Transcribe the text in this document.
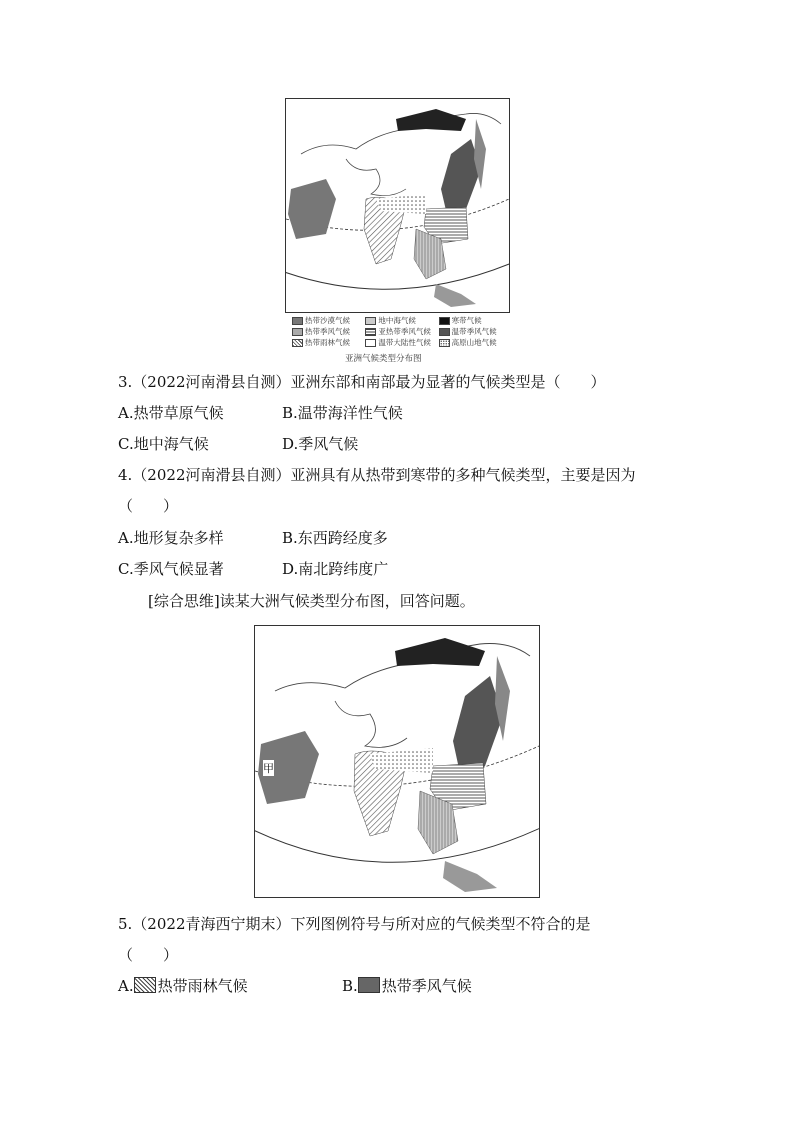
热带沙漠气候	地中海气候	寒带气候
热带季风气候	亚热带季风气候	温带季风气候
热带雨林气候	温带大陆性气候	高原山地气候
亚洲气候类型分布图
3.（2022河南滑县自测）亚洲东部和南部最为显著的气候类型是（　　）
A.热带草原气候	B.温带海洋性气候
C.地中海气候	D.季风气候
4.（2022河南滑县自测）亚洲具有从热带到寒带的多种气候类型，主要是因为
（　　）
A.地形复杂多样	B.东西跨经度多
C.季风气候显著	D.南北跨纬度广
[综合思维]读某大洲气候类型分布图，回答问题。
甲
5.（2022青海西宁期末）下列图例符号与所对应的气候类型不符合的是
（　　）
A. 热带雨林气候	B. 热带季风气候
